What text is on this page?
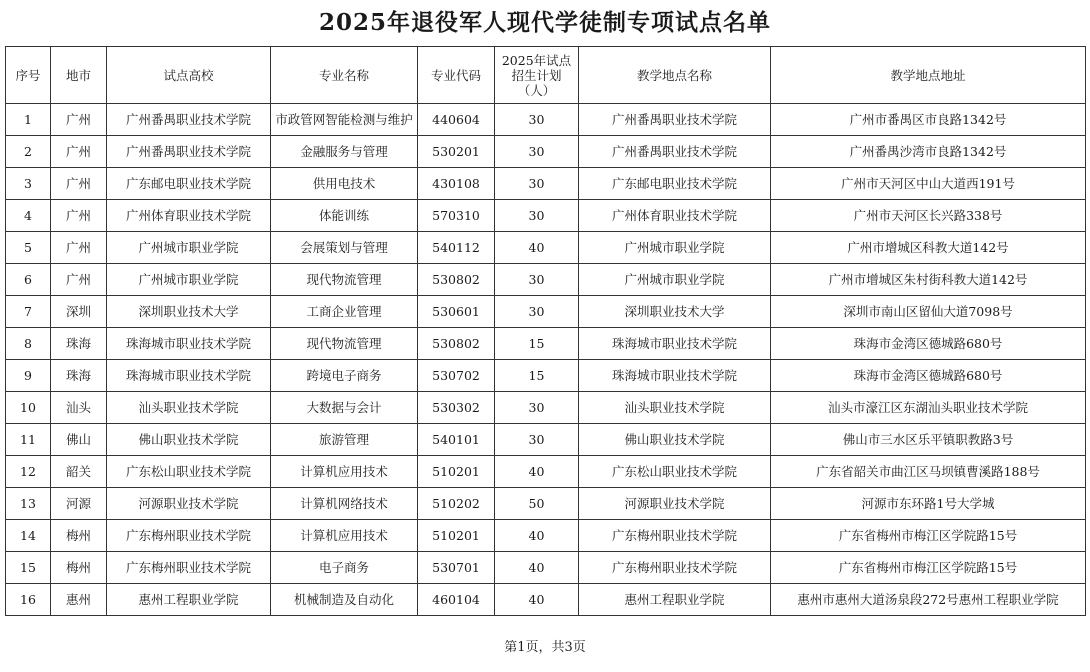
2025年退役军人现代学徒制专项试点名单
序号	地市	试点高校	专业名称	专业代码	2025年试点招生计划（人）	教学地点名称	教学地点地址
1	广州	广州番禺职业技术学院	市政管网智能检测与维护	440604	30	广州番禺职业技术学院	广州市番禺区市良路1342号
2	广州	广州番禺职业技术学院	金融服务与管理	530201	30	广州番禺职业技术学院	广州番禺沙湾市良路1342号
3	广州	广东邮电职业技术学院	供用电技术	430108	30	广东邮电职业技术学院	广州市天河区中山大道西191号
4	广州	广州体育职业技术学院	体能训练	570310	30	广州体育职业技术学院	广州市天河区长兴路338号
5	广州	广州城市职业学院	会展策划与管理	540112	40	广州城市职业学院	广州市增城区科教大道142号
6	广州	广州城市职业学院	现代物流管理	530802	30	广州城市职业学院	广州市增城区朱村街科教大道142号
7	深圳	深圳职业技术大学	工商企业管理	530601	30	深圳职业技术大学	深圳市南山区留仙大道7098号
8	珠海	珠海城市职业技术学院	现代物流管理	530802	15	珠海城市职业技术学院	珠海市金湾区德城路680号
9	珠海	珠海城市职业技术学院	跨境电子商务	530702	15	珠海城市职业技术学院	珠海市金湾区德城路680号
10	汕头	汕头职业技术学院	大数据与会计	530302	30	汕头职业技术学院	汕头市濠江区东湖汕头职业技术学院
11	佛山	佛山职业技术学院	旅游管理	540101	30	佛山职业技术学院	佛山市三水区乐平镇职教路3号
12	韶关	广东松山职业技术学院	计算机应用技术	510201	40	广东松山职业技术学院	广东省韶关市曲江区马坝镇曹溪路188号
13	河源	河源职业技术学院	计算机网络技术	510202	50	河源职业技术学院	河源市东环路1号大学城
14	梅州	广东梅州职业技术学院	计算机应用技术	510201	40	广东梅州职业技术学院	广东省梅州市梅江区学院路15号
15	梅州	广东梅州职业技术学院	电子商务	530701	40	广东梅州职业技术学院	广东省梅州市梅江区学院路15号
16	惠州	惠州工程职业学院	机械制造及自动化	460104	40	惠州工程职业学院	惠州市惠州大道汤泉段272号惠州工程职业学院
第1页，共3页
